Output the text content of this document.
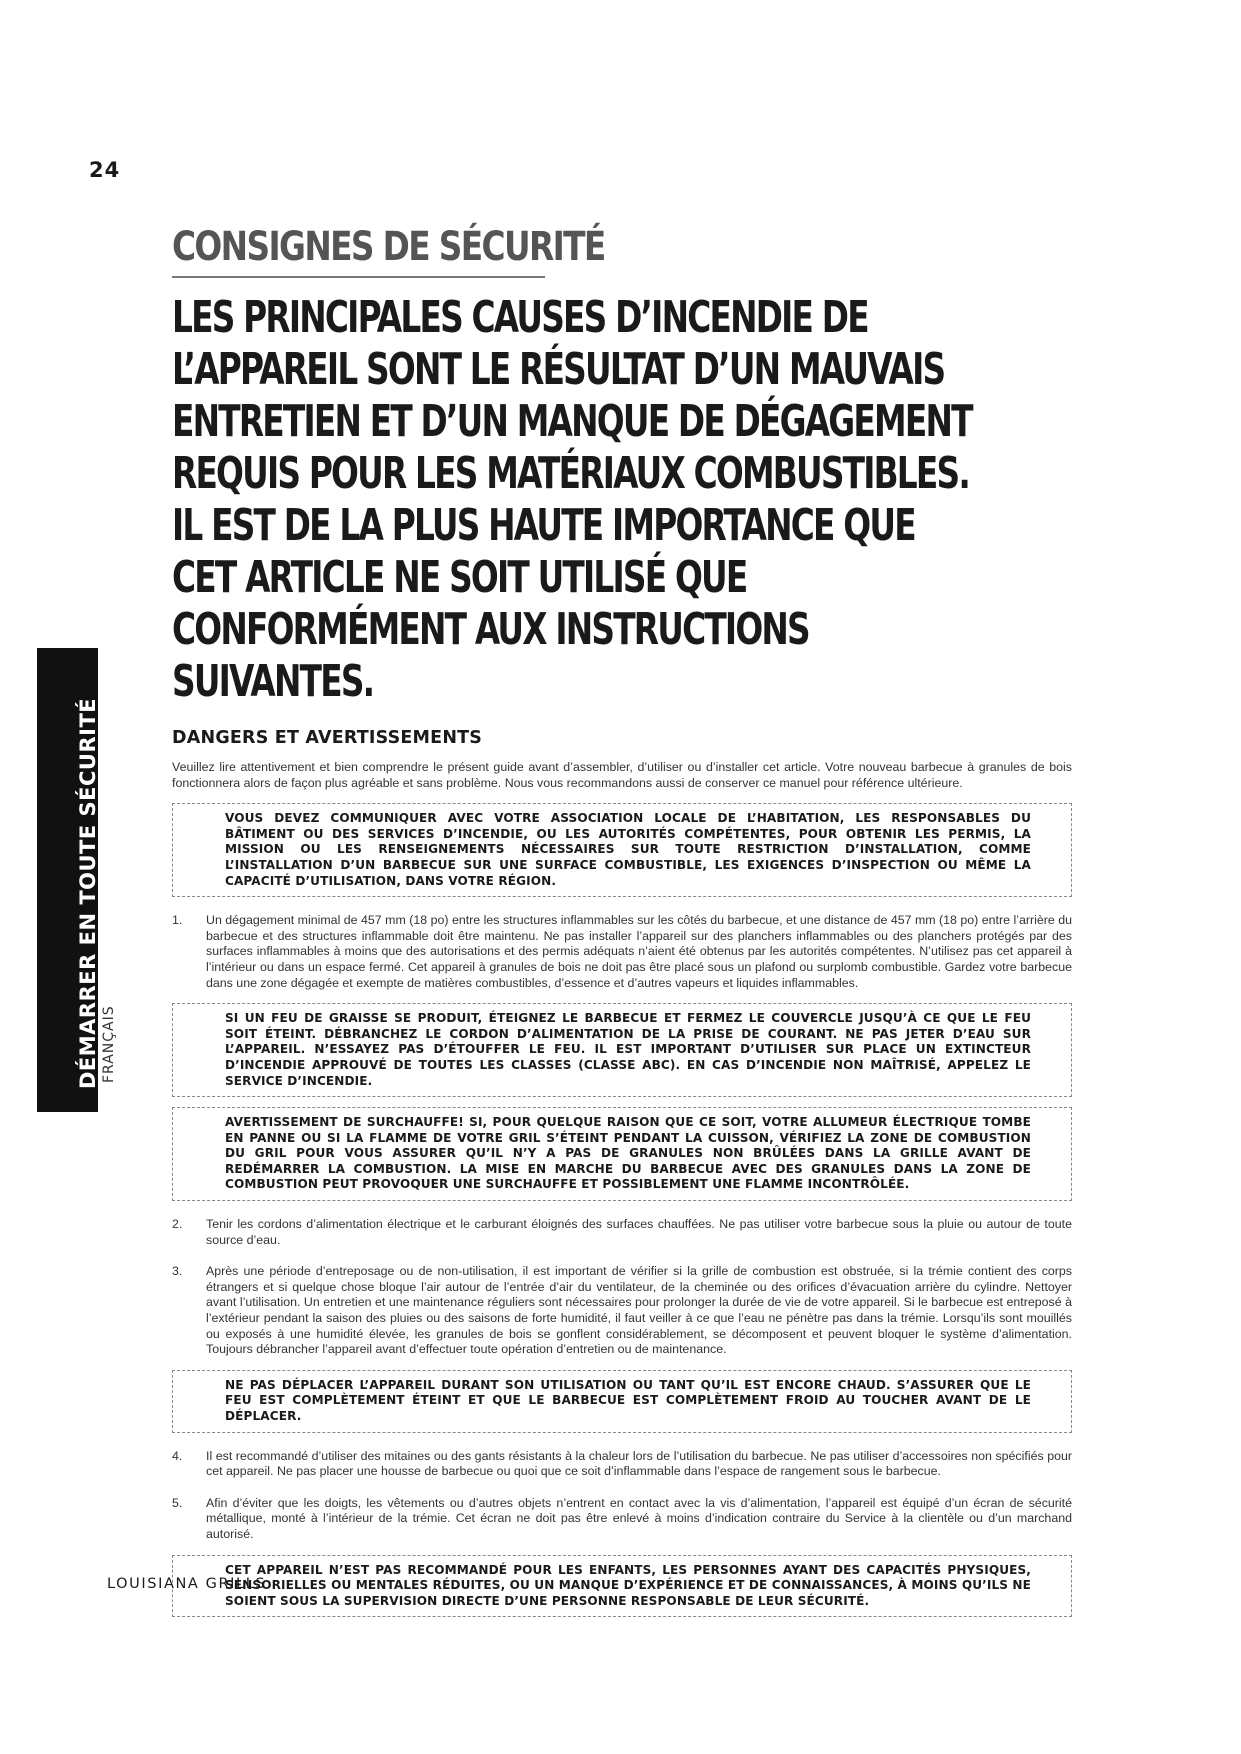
24
DÉMARRER EN TOUTE SÉCURITÉ FRANÇAIS
CONSIGNES DE SÉCURITÉ
LES PRINCIPALES CAUSES D’INCENDIE DE L’APPAREIL SONT LE RÉSULTAT D’UN MAUVAIS ENTRETIEN ET D’UN MANQUE DE DÉGAGEMENT REQUIS POUR LES MATÉRIAUX COMBUSTIBLES. IL EST DE LA PLUS HAUTE IMPORTANCE QUE CET ARTICLE NE SOIT UTILISÉ QUE CONFORMÉMENT AUX INSTRUCTIONS SUIVANTES.
DANGERS ET AVERTISSEMENTS

Veuillez lire attentivement et bien comprendre le présent guide avant d’assembler, d’utiliser ou d’installer cet article. Votre nouveau barbecue à granules de bois fonctionnera alors de façon plus agréable et sans problème. Nous vous recommandons aussi de conserver ce manuel pour référence ultérieure.

VOUS DEVEZ COMMUNIQUER AVEC VOTRE ASSOCIATION LOCALE DE L’HABITATION, LES RESPONSABLES DU BÂTIMENT OU DES SERVICES D’INCENDIE, OU LES AUTORITÉS COMPÉTENTES, POUR OBTENIR LES PERMIS, LA MISSION OU LES RENSEIGNEMENTS NÉCESSAIRES SUR TOUTE RESTRICTION D’INSTALLATION, COMME L’INSTALLATION D’UN BARBECUE SUR UNE SURFACE COMBUSTIBLE, LES EXIGENCES D’INSPECTION OU MÊME LA CAPACITÉ D’UTILISATION, DANS VOTRE RÉGION.
1. Un dégagement minimal de 457 mm (18 po) entre les structures inflammables sur les côtés du barbecue, et une distance de 457 mm (18 po) entre l’arrière du barbecue et des structures inflammable doit être maintenu. Ne pas installer l’appareil sur des planchers inflammables ou des planchers protégés par des surfaces inflammables à moins que des autorisations et des permis adéquats n’aient été obtenus par les autorités compétentes. N’utilisez pas cet appareil à l’intérieur ou dans un espace fermé. Cet appareil à granules de bois ne doit pas être placé sous un plafond ou surplomb combustible. Gardez votre barbecue dans une zone dégagée et exempte de matières combustibles, d’essence et d’autres vapeurs et liquides inflammables.
SI UN FEU DE GRAISSE SE PRODUIT, ÉTEIGNEZ LE BARBECUE ET FERMEZ LE COUVERCLE JUSQU’À CE QUE LE FEU SOIT ÉTEINT. DÉBRANCHEZ LE CORDON D’ALIMENTATION DE LA PRISE DE COURANT. NE PAS JETER D’EAU SUR L’APPAREIL. N’ESSAYEZ PAS D’ÉTOUFFER LE FEU. IL EST IMPORTANT D’UTILISER SUR PLACE UN EXTINCTEUR D’INCENDIE APPROUVÉ DE TOUTES LES CLASSES (CLASSE ABC). EN CAS D’INCENDIE NON MAÎTRISÉ, APPELEZ LE SERVICE D’INCENDIE.
AVERTISSEMENT DE SURCHAUFFE! SI, POUR QUELQUE RAISON QUE CE SOIT, VOTRE ALLUMEUR ÉLECTRIQUE TOMBE EN PANNE OU SI LA FLAMME DE VOTRE GRIL S’ÉTEINT PENDANT LA CUISSON, VÉRIFIEZ LA ZONE DE COMBUSTION DU GRIL POUR VOUS ASSURER QU’IL N’Y A PAS DE GRANULES NON BRÛLÉES DANS LA GRILLE AVANT DE REDÉMARRER LA COMBUSTION. LA MISE EN MARCHE DU BARBECUE AVEC DES GRANULES DANS LA ZONE DE COMBUSTION PEUT PROVOQUER UNE SURCHAUFFE ET POSSIBLEMENT UNE FLAMME INCONTRÔLÉE.
2. Tenir les cordons d’alimentation électrique et le carburant éloignés des surfaces chauffées. Ne pas utiliser votre barbecue sous la pluie ou autour de toute source d’eau.
3. Après une période d’entreposage ou de non-utilisation, il est important de vérifier si la grille de combustion est obstruée, si la trémie contient des corps étrangers et si quelque chose bloque l’air autour de l’entrée d’air du ventilateur, de la cheminée ou des orifices d’évacuation arrière du cylindre. Nettoyer avant l’utilisation. Un entretien et une maintenance réguliers sont nécessaires pour prolonger la durée de vie de votre appareil. Si le barbecue est entreposé à l’extérieur pendant la saison des pluies ou des saisons de forte humidité, il faut veiller à ce que l’eau ne pénètre pas dans la trémie. Lorsqu’ils sont mouillés ou exposés à une humidité élevée, les granules de bois se gonflent considérablement, se décomposent et peuvent bloquer le système d’alimentation. Toujours débrancher l’appareil avant d’effectuer toute opération d’entretien ou de maintenance.
NE PAS DÉPLACER L’APPAREIL DURANT SON UTILISATION OU TANT QU’IL EST ENCORE CHAUD. S’ASSURER QUE LE FEU EST COMPLÈTEMENT ÉTEINT ET QUE LE BARBECUE EST COMPLÈTEMENT FROID AU TOUCHER AVANT DE LE DÉPLACER.
4. Il est recommandé d’utiliser des mitaines ou des gants résistants à la chaleur lors de l’utilisation du barbecue. Ne pas utiliser d’accessoires non spécifiés pour cet appareil. Ne pas placer une housse de barbecue ou quoi que ce soit d’inflammable dans l’espace de rangement sous le barbecue.
5. Afin d’éviter que les doigts, les vêtements ou d’autres objets n’entrent en contact avec la vis d’alimentation, l’appareil est équipé d’un écran de sécurité métallique, monté à l’intérieur de la trémie. Cet écran ne doit pas être enlevé à moins d’indication contraire du Service à la clientèle ou d’un marchand autorisé.
CET APPAREIL N’EST PAS RECOMMANDÉ POUR LES ENFANTS, LES PERSONNES AYANT DES CAPACITÉS PHYSIQUES, SENSORIELLES OU MENTALES RÉDUITES, OU UN MANQUE D’EXPÉRIENCE ET DE CONNAISSANCES, À MOINS QU’ILS NE SOIENT SOUS LA SUPERVISION DIRECTE D’UNE PERSONNE RESPONSABLE DE LEUR SÉCURITÉ.
LOUISIANA GRILLS
